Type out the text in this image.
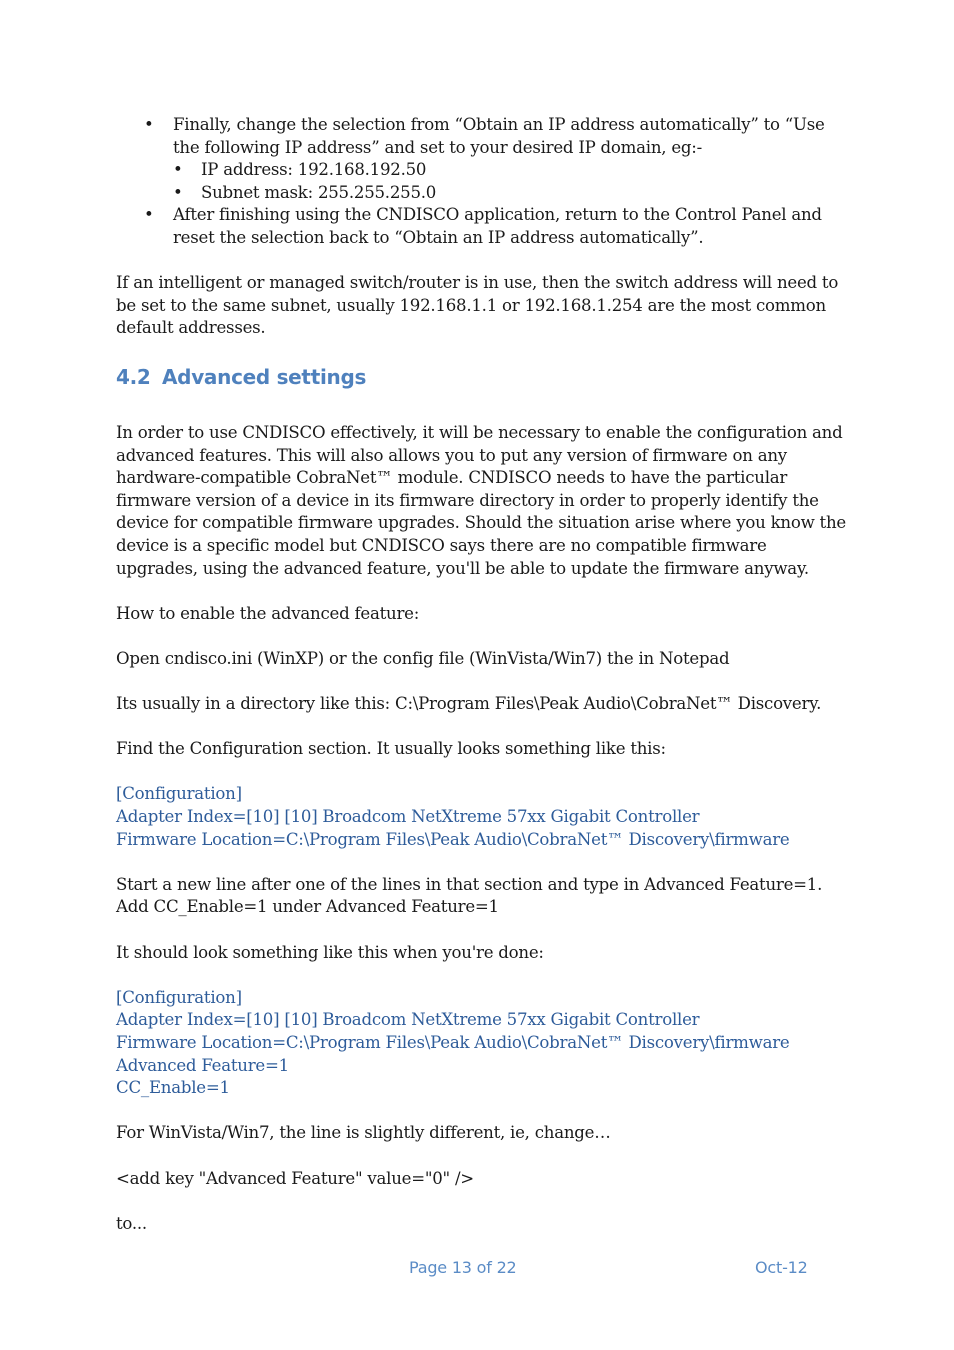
• Finally, change the selection from “Obtain an IP address automatically” to “Use the following IP address” and set to your desired IP domain, eg:-
• IP address: 192.168.192.50
• Subnet mask: 255.255.255.0
• After finishing using the CNDISCO application, return to the Control Panel and reset the selection back to “Obtain an IP address automatically”.

If an intelligent or managed switch/router is in use, then the switch address will need to be set to the same subnet, usually 192.168.1.1 or 192.168.1.254 are the most common default addresses.

4.2 Advanced settings

In order to use CNDISCO effectively, it will be necessary to enable the configuration and advanced features. This will also allows you to put any version of firmware on any hardware-compatible CobraNet™ module. CNDISCO needs to have the particular firmware version of a device in its firmware directory in order to properly identify the device for compatible firmware upgrades. Should the situation arise where you know the device is a specific model but CNDISCO says there are no compatible firmware upgrades, using the advanced feature, you'll be able to update the firmware anyway.

How to enable the advanced feature:

Open cndisco.ini (WinXP) or the config file (WinVista/Win7) the in Notepad

Its usually in a directory like this: C:\Program Files\Peak Audio\CobraNet™ Discovery.

Find the Configuration section. It usually looks something like this:

[Configuration]
Adapter Index=[10] [10] Broadcom NetXtreme 57xx Gigabit Controller
Firmware Location=C:\Program Files\Peak Audio\CobraNet™ Discovery\firmware
Start a new line after one of the lines in that section and type in Advanced Feature=1.
Add CC_Enable=1 under Advanced Feature=1

It should look something like this when you're done:

[Configuration]
Adapter Index=[10] [10] Broadcom NetXtreme 57xx Gigabit Controller
Firmware Location=C:\Program Files\Peak Audio\CobraNet™ Discovery\firmware
Advanced Feature=1
CC_Enable=1

For WinVista/Win7, the line is slightly different, ie, change…

<add key "Advanced Feature" value="0" />

to...

Page 13 of 22	Oct-12
